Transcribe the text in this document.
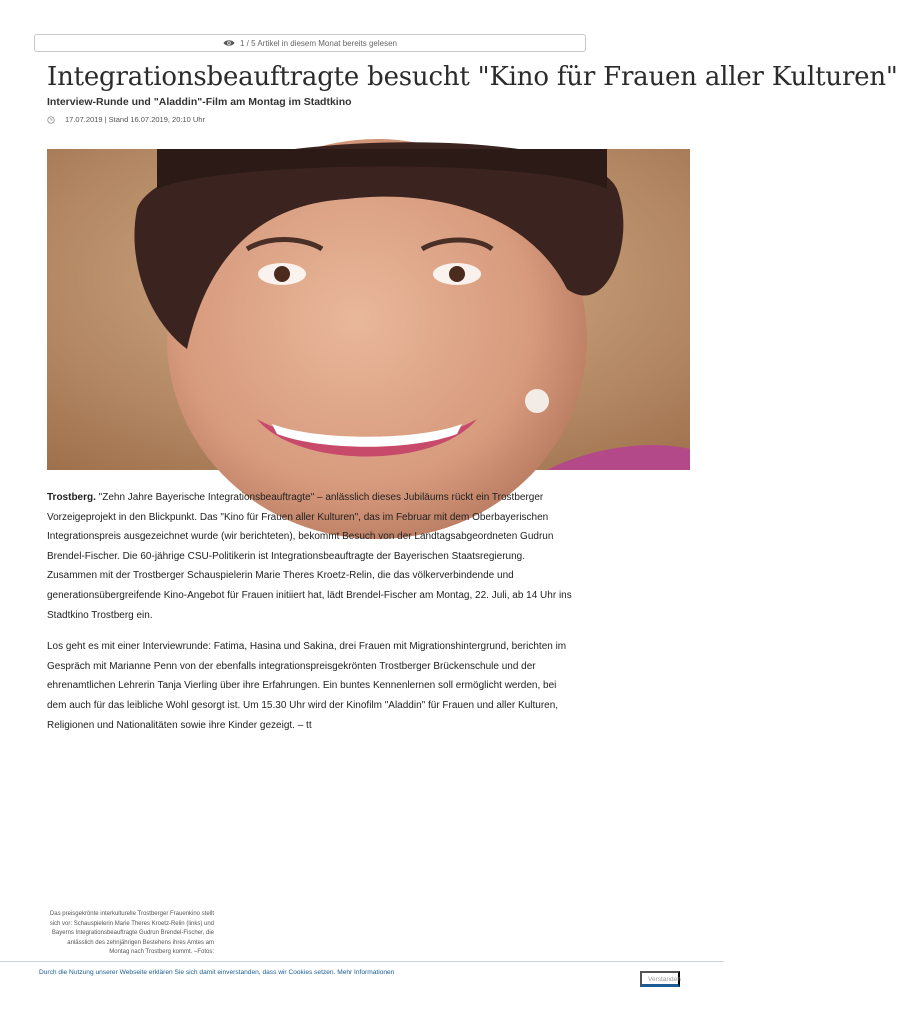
1 / 5 Artikel in diesem Monat bereits gelesen
Integrationsbeauftragte besucht "Kino für Frauen aller Kulturen"
Interview-Runde und "Aladdin"-Film am Montag im Stadtkino
17.07.2019 | Stand 16.07.2019, 20:10 Uhr

Trostberg. "Zehn Jahre Bayerische Integrationsbeauftragte" – anlässlich dieses Jubiläums rückt ein Trostberger Vorzeigeprojekt in den Blickpunkt. Das "Kino für Frauen aller Kulturen", das im Februar mit dem Oberbayerischen Integrationspreis ausgezeichnet wurde (wir berichteten), bekommt Besuch von der Landtagsabgeordneten Gudrun Brendel-Fischer. Die 60-jährige CSU-Politikerin ist Integrationsbeauftragte der Bayerischen Staatsregierung. Zusammen mit der Trostberger Schauspielerin Marie Theres Kroetz-Relin, die das völkerverbindende und generationsübergreifende Kino-Angebot für Frauen initiiert hat, lädt Brendel-Fischer am Montag, 22. Juli, ab 14 Uhr ins Stadtkino Trostberg ein.

Los geht es mit einer Interviewrunde: Fatima, Hasina und Sakina, drei Frauen mit Migrationshintergrund, berichten im Gespräch mit Marianne Penn von der ebenfalls integrationspreisgekrönten Trostberger Brückenschule und der ehrenamtlichen Lehrerin Tanja Vierling über ihre Erfahrungen. Ein buntes Kennenlernen soll ermöglicht werden, bei dem auch für das leibliche Wohl gesorgt ist. Um 15.30 Uhr wird der Kinofilm "Aladdin" für Frauen und aller Kulturen, Religionen und Nationalitäten sowie ihre Kinder gezeigt. – tt

Das preisgekrönte interkulturelle Trostberger Frauenkino stellt sich vor: Schauspielerin Marie Theres Kroetz-Relin (links) und Bayerns Integrationsbeauftragte Gudrun Brendel-Fischer, die anlässlich des zehnjährigen Bestehens ihres Amtes am Montag nach Trostberg kommt. –Fotos:
Durch die Nutzung unserer Webseite erklären Sie sich damit einverstanden, dass wir Cookies setzen. Mehr Informationen
Verstanden
